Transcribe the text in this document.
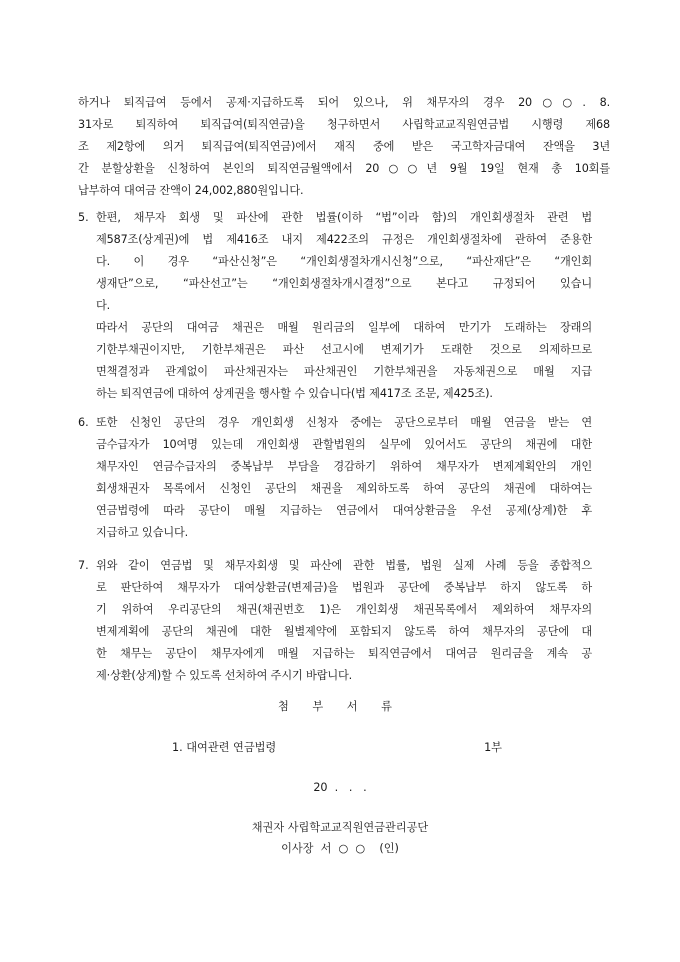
하거나 퇴직급여 등에서 공제·지급하도록 되어 있으나, 위 채무자의 경우 20○○. 8.
31자로 퇴직하여 퇴직급여(퇴직연금)을 청구하면서 사립학교교직원연금법 시행령 제68
조 제2항에 의거 퇴직급여(퇴직연금)에서 재직 중에 받은 국고학자금대여 잔액을 3년
간 분할상환을 신청하여 본인의 퇴직연금월액에서 20○○년 9월 19일 현재 총 10회를
납부하여 대여금 잔액이 24,002,880원입니다.
5. 한편, 채무자 회생 및 파산에 관한 법률(이하 “법”이라 함)의 개인회생절차 관련 법
제587조(상계권)에 법 제416조 내지 제422조의 규정은 개인회생절차에 관하여 준용한
다. 이 경우 “파산신청”은 “개인회생절차개시신청”으로, “파산재단”은 “개인회
생재단”으로, “파산선고”는 “개인회생절차개시결정”으로 본다고 규정되어 있습니
다.
따라서 공단의 대여금 채권은 매월 원리금의 일부에 대하여 만기가 도래하는 장래의
기한부채권이지만, 기한부채권은 파산 선고시에 변제기가 도래한 것으로 의제하므로
면책결정과 관계없이 파산채권자는 파산채권인 기한부채권을 자동채권으로 매월 지급
하는 퇴직연금에 대하여 상계권을 행사할 수 있습니다(법 제417조 조문, 제425조).
6. 또한 신청인 공단의 경우 개인회생 신청자 중에는 공단으로부터 매월 연금을 받는 연
금수급자가 10여명 있는데 개인회생 관할법원의 실무에 있어서도 공단의 채권에 대한
채무자인 연금수급자의 중복납부 부담을 경감하기 위하여 채무자가 변제계획안의 개인
회생채권자 목록에서 신청인 공단의 채권을 제외하도록 하여 공단의 채권에 대하여는
연금법령에 따라 공단이 매월 지급하는 연금에서 대여상환금을 우선 공제(상계)한 후
지급하고 있습니다.
7. 위와 같이 연금법 및 채무자회생 및 파산에 관한 법률, 법원 실제 사례 등을 종합적으
로 판단하여 채무자가 대여상환금(변제금)을 법원과 공단에 중복납부 하지 않도록 하
기 위하여 우리공단의 채권(채권번호 1)은 개인회생 채권목록에서 제외하여 채무자의
변제계획에 공단의 채권에 대한 월별제약에 포함되지 않도록 하여 채무자의 공단에 대
한 채무는 공단이 채무자에게 매월 지급하는 퇴직연금에서 대여금 원리금을 계속 공
제·상환(상계)할 수 있도록 선처하여 주시기 바랍니다.
첨 부 서 류
1. 대여관련 연금법령	1부
20  .   .   .
채권자 사립학교교직원연금관리공단
이사장  서  ○  ○    (인)
